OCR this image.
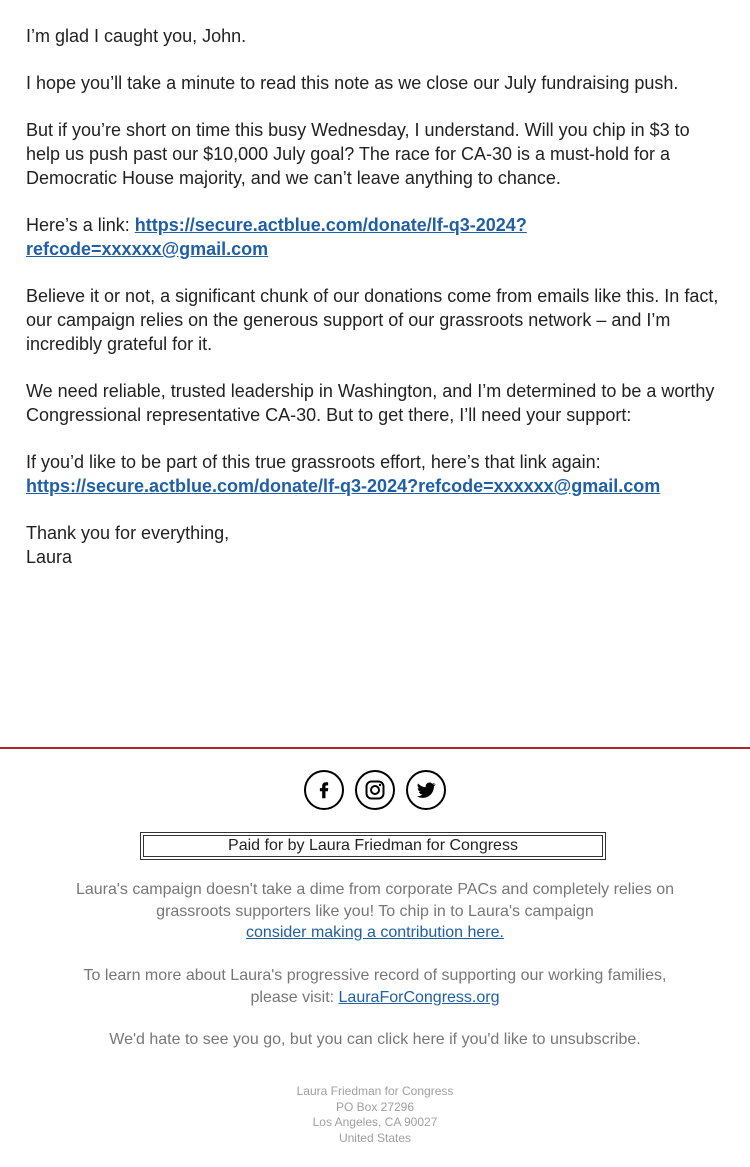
I’m glad I caught you, John.

I hope you’ll take a minute to read this note as we close our July fundraising push.

But if you’re short on time this busy Wednesday, I understand. Will you chip in $3 to help us push past our $10,000 July goal? The race for CA-30 is a must-hold for a Democratic House majority, and we can’t leave anything to chance.

Here’s a link: https://secure.actblue.com/donate/lf-q3-2024?
refcode=xxxxxx@gmail.com

Believe it or not, a significant chunk of our donations come from emails like this. In fact, our campaign relies on the generous support of our grassroots network – and I’m incredibly grateful for it.

We need reliable, trusted leadership in Washington, and I’m determined to be a worthy Congressional representative CA-30. But to get there, I’ll need your support:

If you’d like to be part of this true grassroots effort, here’s that link again:
https://secure.actblue.com/donate/lf-q3-2024?refcode=xxxxxx@gmail.com

Thank you for everything,
Laura

Paid for by Laura Friedman for Congress
Laura's campaign doesn't take a dime from corporate PACs and completely relies on grassroots supporters like you! To chip in to Laura's campaign
consider making a contribution here.
To learn more about Laura's progressive record of supporting our working families, please visit: LauraForCongress.org
We'd hate to see you go, but you can click here if you'd like to unsubscribe.
Laura Friedman for Congress
PO Box 27296
Los Angeles, CA 90027
United States
